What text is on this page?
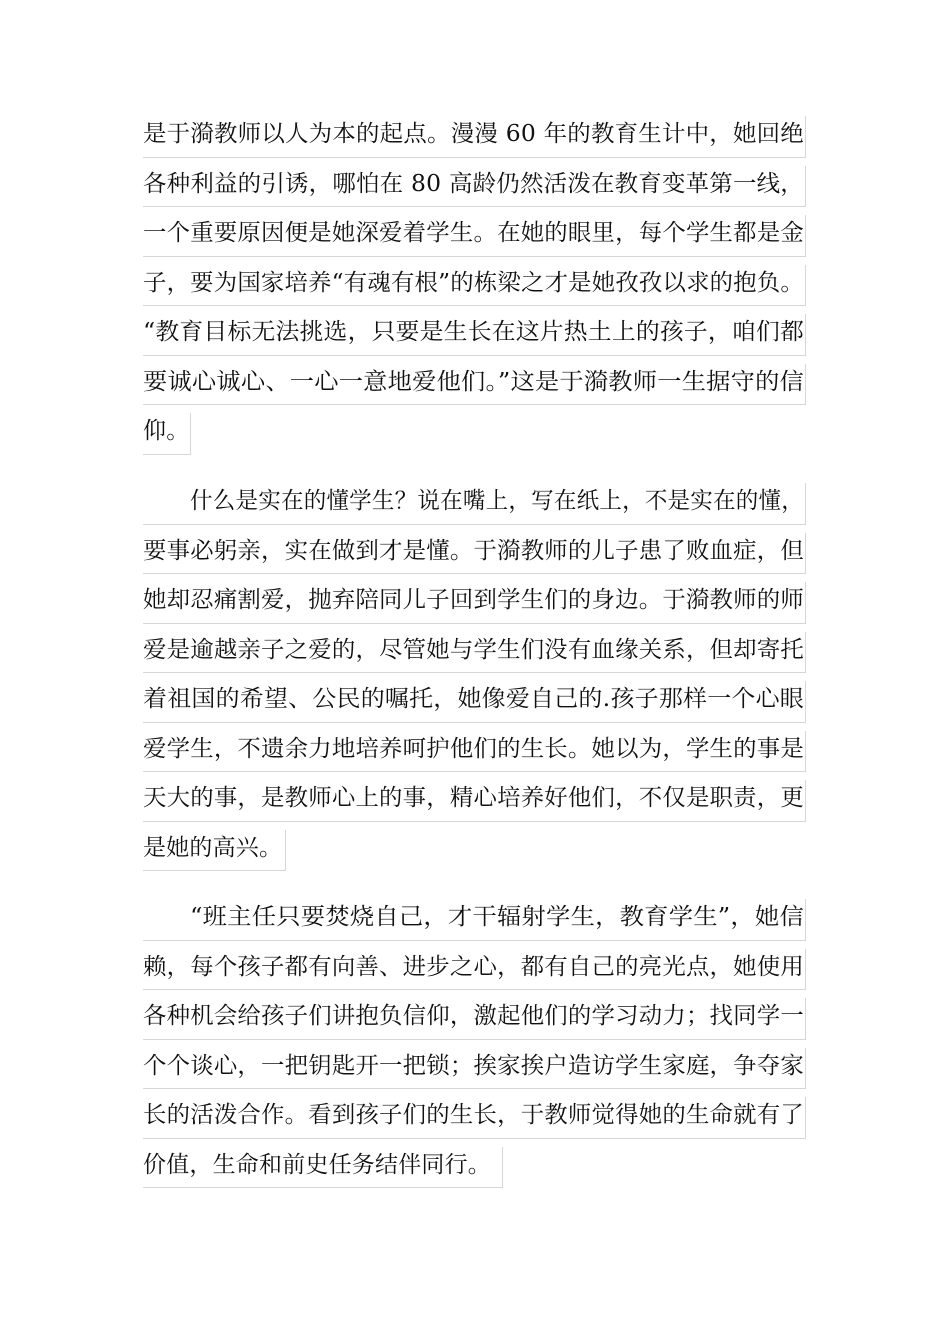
是于漪教师以人为本的起点。漫漫 60 年的教育生计中，她回绝
各种利益的引诱，哪怕在 80 高龄仍然活泼在教育变革第一线，
一个重要原因便是她深爱着学生。在她的眼里，每个学生都是金
子，要为国家培养“有魂有根”的栋梁之才是她孜孜以求的抱负。
“教育目标无法挑选，只要是生长在这片热土上的孩子，咱们都
要诚心诚心、一心一意地爱他们。”这是于漪教师一生据守的信
仰。
什么是实在的懂学生？说在嘴上，写在纸上，不是实在的懂，
要事必躬亲，实在做到才是懂。于漪教师的儿子患了败血症，但
她却忍痛割爱，抛弃陪同儿子回到学生们的身边。于漪教师的师
爱是逾越亲子之爱的，尽管她与学生们没有血缘关系，但却寄托
着祖国的希望、公民的嘱托，她像爱自己的.孩子那样一个心眼
爱学生，不遗余力地培养呵护他们的生长。她以为，学生的事是
天大的事，是教师心上的事，精心培养好他们，不仅是职责，更
是她的高兴。
“班主任只要焚烧自己，才干辐射学生，教育学生”，她信
赖，每个孩子都有向善、进步之心，都有自己的亮光点，她使用
各种机会给孩子们讲抱负信仰，激起他们的学习动力；找同学一
个个谈心，一把钥匙开一把锁；挨家挨户造访学生家庭，争夺家
长的活泼合作。看到孩子们的生长，于教师觉得她的生命就有了
价值，生命和前史任务结伴同行。
